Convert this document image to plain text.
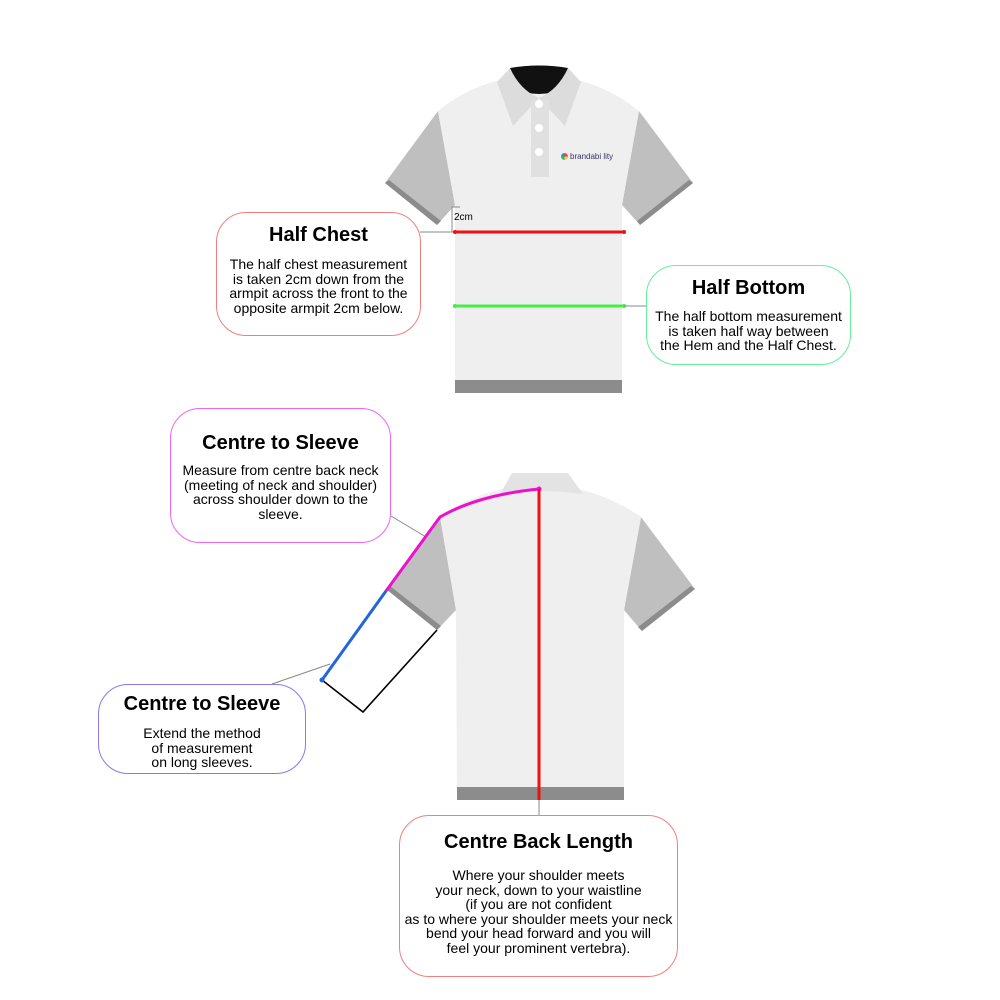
2cm
brandabi lity
Half Chest

The half chest measurement
is taken 2cm down from the
armpit across the front to the
opposite armpit 2cm below.

Half Bottom

The half bottom measurement
is taken half way between
the Hem and the Half Chest.

Centre to Sleeve

Measure from centre back neck
(meeting of neck and shoulder)
across shoulder down to the
sleeve.

Centre to Sleeve

Extend the method
of measurement
on long sleeves.

Centre Back Length

Where your shoulder meets
your neck, down to your waistline
(if you are not confident
as to where your shoulder meets your neck
bend your head forward and you will
feel your prominent vertebra).
